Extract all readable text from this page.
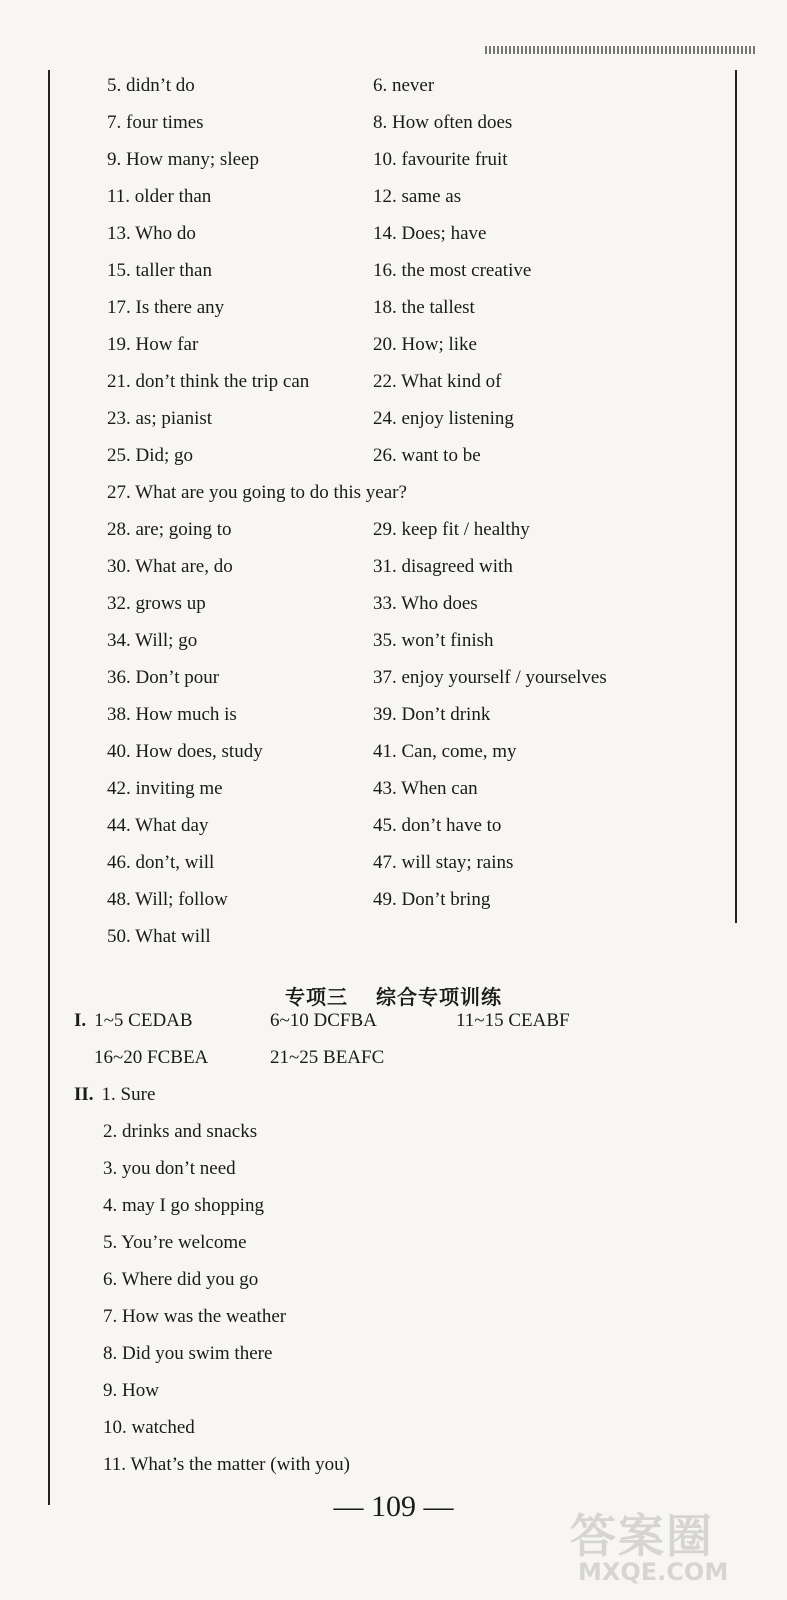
5. didn’t do	6. never
7. four times	8. How often does
9. How many; sleep	10. favourite fruit
11. older than	12. same as
13. Who do	14. Does; have
15. taller than	16. the most creative
17. Is there any	18. the tallest
19. How far	20. How; like
21. don’t think the trip can	22. What kind of
23. as; pianist	24. enjoy listening
25. Did; go	26. want to be
27. What are you going to do this year?
28. are; going to	29. keep fit / healthy
30. What are, do	31. disagreed with
32. grows up	33. Who does
34. Will; go	35. won’t finish
36. Don’t pour	37. enjoy yourself / yourselves
38. How much is	39. Don’t drink
40. How does, study	41. Can, come, my
42. inviting me	43. When can
44. What day	45. don’t have to
46. don’t, will	47. will stay; rains
48. Will; follow	49. Don’t bring
50. What will
专项三 综合专项训练
I. 1~5 CEDAB	6~10 DCFBA	11~15 CEABF
16~20 FCBEA	21~25 BEAFC
II. 1. Sure
2. drinks and snacks
3. you don’t need
4. may I go shopping
5. You’re welcome
6. Where did you go
7. How was the weather
8. Did you swim there
9. How
10. watched
11. What’s the matter (with you)
— 109 —
答案圈
MXQE.COM
